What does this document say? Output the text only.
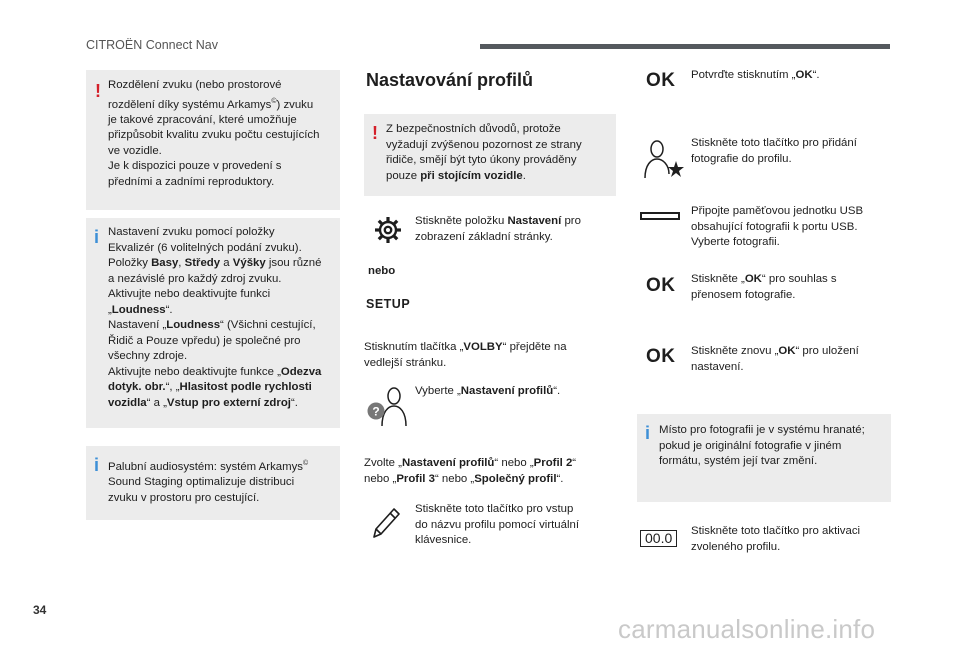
CITROËN Connect Nav
! Rozdělení zvuku (nebo prostorové

rozdělení díky systému Arkamys©) zvuku

je takové zpracování, které umožňuje

přizpůsobit kvalitu zvuku počtu cestujících

ve vozidle.

Je k dispozici pouze v provedení s

předními a zadními reproduktory.

i Nastavení zvuku pomocí položky

Ekvalizér (6 volitelných podání zvuku).

Položky Basy, Středy a Výšky jsou různé

a nezávislé pro každý zdroj zvuku.

Aktivujte nebo deaktivujte funkci

„Loudness“.

Nastavení „Loudness“ (Všichni cestující,

Řidič a Pouze vpředu) je společné pro

všechny zdroje.

Aktivujte nebo deaktivujte funkce „Odezva

dotyk. obr.“, „Hlasitost podle rychlosti

vozidla“ a „Vstup pro externí zdroj“.

i Palubní audiosystém: systém Arkamys©

Sound Staging optimalizuje distribuci

zvuku v prostoru pro cestující.

Nastavování profilů
! Z bezpečnostních důvodů, protože

vyžadují zvýšenou pozornost ze strany

řidiče, smějí být tyto úkony prováděny

pouze při stojícím vozidle.

Stiskněte položku Nastavení pro
zobrazení základní stránky.
nebo
SETUP
Stisknutím tlačítka „VOLBY“ přejděte na
vedlejší stránku.
?
Vyberte „Nastavení profilů“.
Zvolte „Nastavení profilů“ nebo „Profil 2“
nebo „Profil 3“ nebo „Společný profil“.
Stiskněte toto tlačítko pro vstup
do názvu profilu pomocí virtuální
klávesnice.
OK Potvrďte stisknutím „OK“.
Stiskněte toto tlačítko pro přidání
fotografie do profilu.
Připojte paměťovou jednotku USB
obsahující fotografii k portu USB.
Vyberte fotografii.
OK Stiskněte „OK“ pro souhlas s
přenosem fotografie.
OK Stiskněte znovu „OK“ pro uložení
nastavení.
i Místo pro fotografii je v systému hranaté;

pokud je originální fotografie v jiném

formátu, systém její tvar změní.

00.0	Stiskněte toto tlačítko pro aktivaci
zvoleného profilu.
34
carmanualsonline.info
